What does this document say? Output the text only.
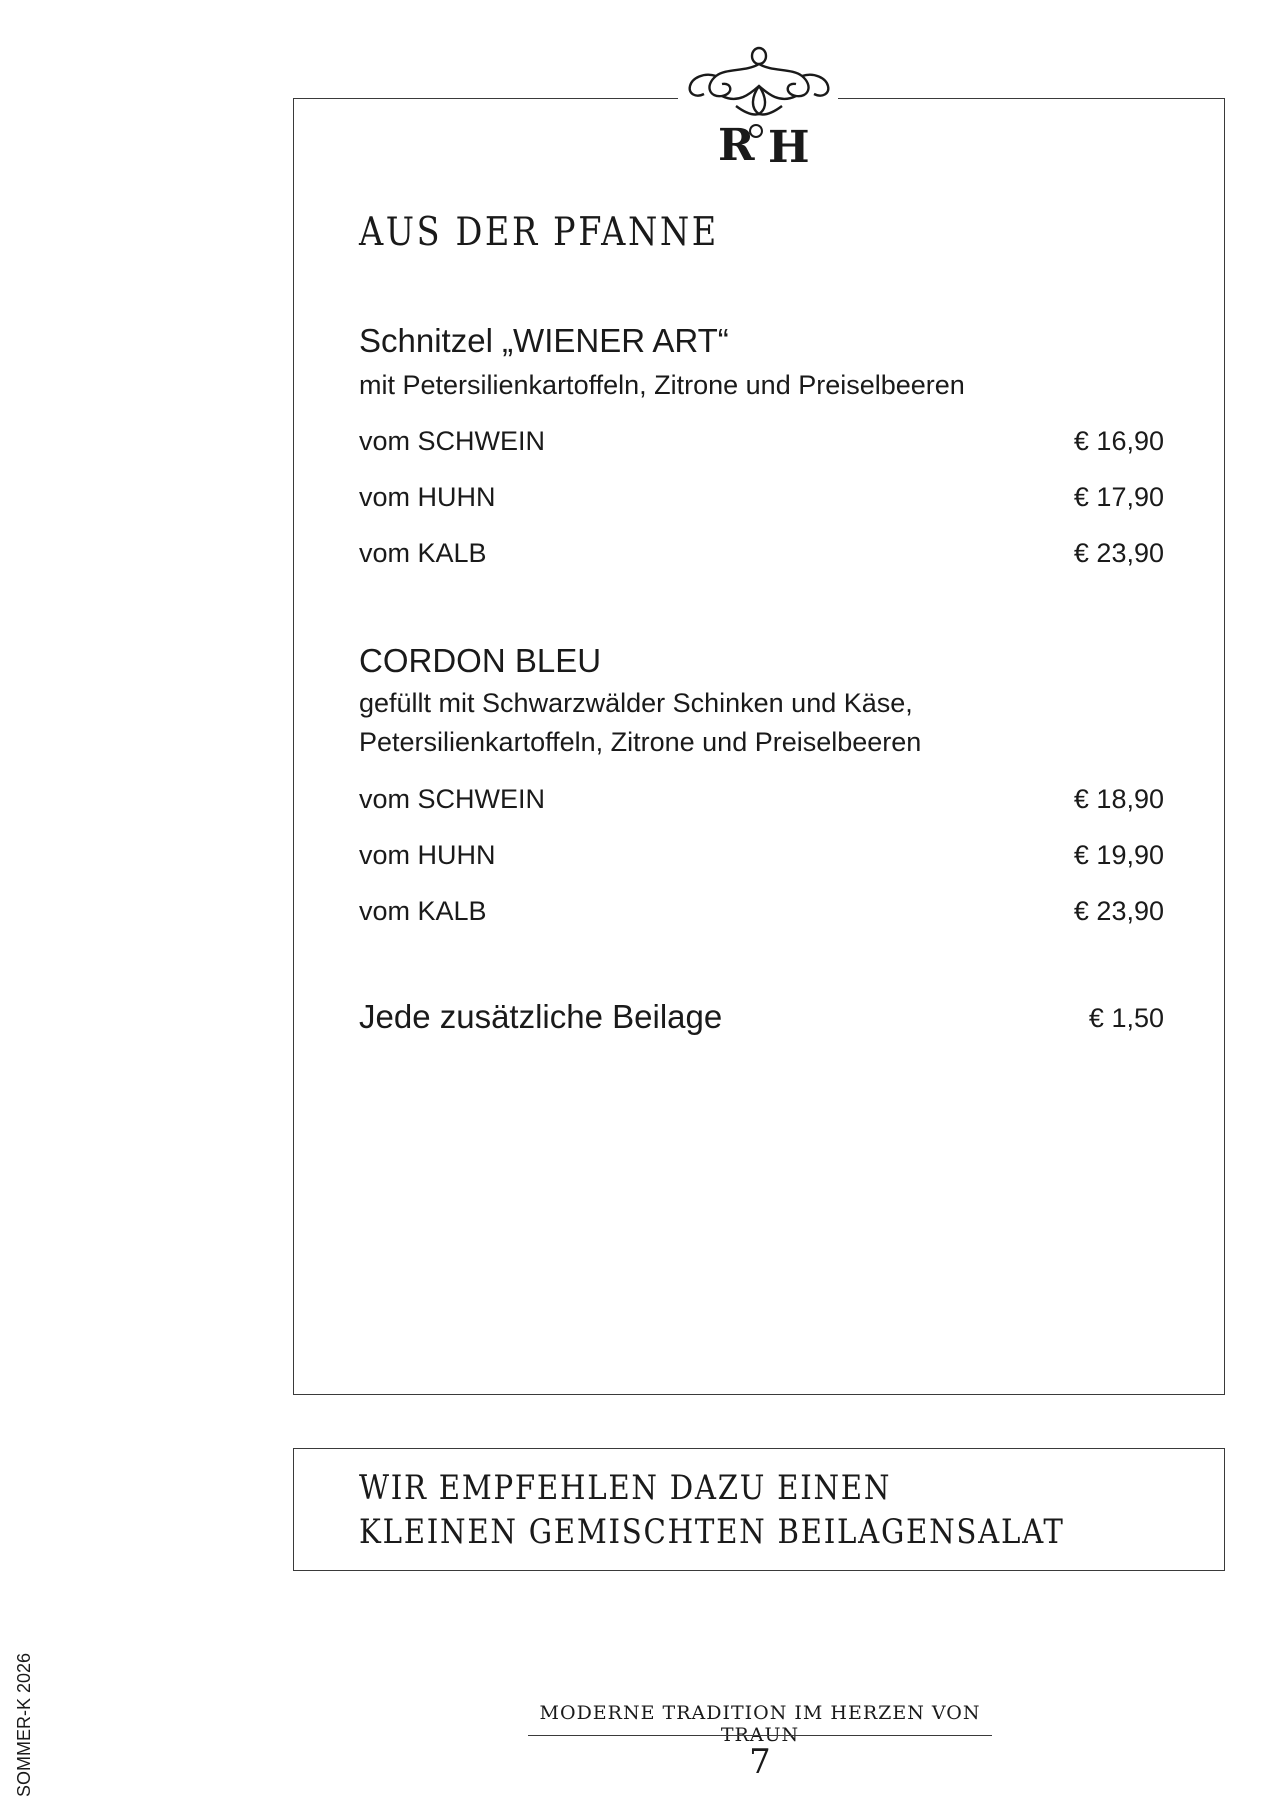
R H
AUS DER PFANNE
Schnitzel „WIENER ART“
mit Petersilienkartoffeln, Zitrone und Preiselbeeren
vom SCHWEIN	€ 16,90
vom HUHN	€ 17,90
vom KALB	€ 23,90
CORDON BLEU
gefüllt mit Schwarzwälder Schinken und Käse,
Petersilienkartoffeln, Zitrone und Preiselbeeren
vom SCHWEIN	€ 18,90
vom HUHN	€ 19,90
vom KALB	€ 23,90
Jede zusätzliche Beilage	€ 1,50
WIR EMPFEHLEN DAZU EINEN
KLEINEN GEMISCHTEN BEILAGENSALAT
SOMMER-K 2026	MODERNE TRADITION IM HERZEN VON TRAUN
7
